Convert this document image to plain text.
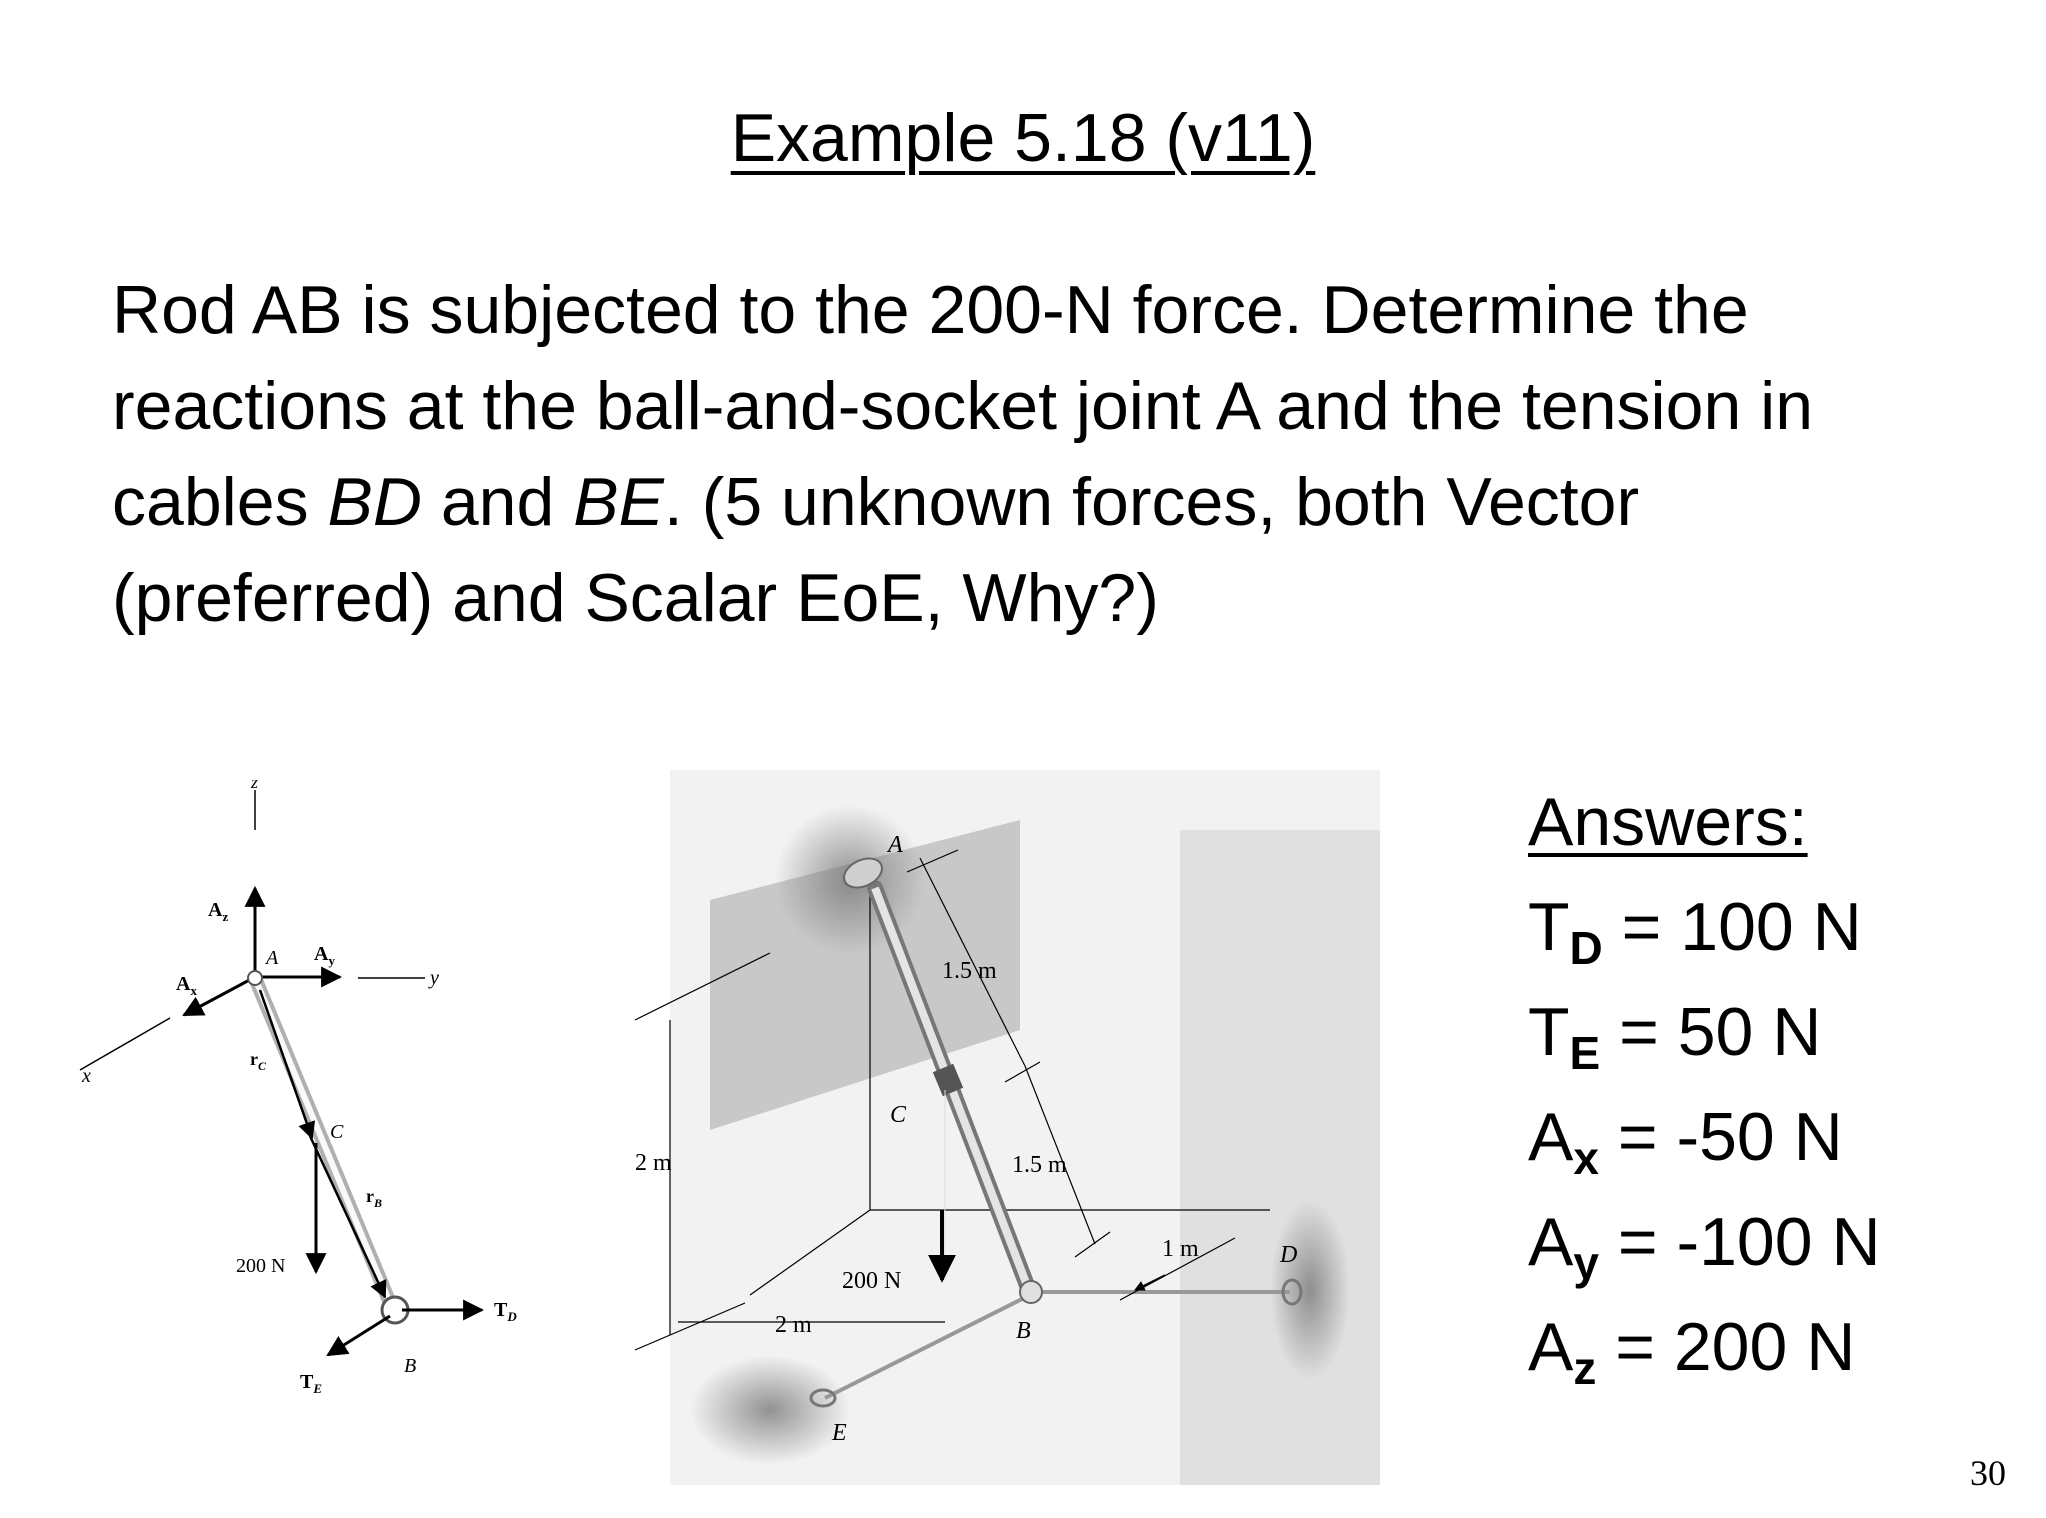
Example 5.18 (v11)
Rod AB is subjected to the 200-N force. Determine the
reactions at the ball-and-socket joint A and the tension in
cables BD and BE. (5 unknown forces, both Vector
(preferred) and Scalar EoE, Why?)
z
y
x
$A_z$
$A_y$
$A_x$
A
$r_C$
C
$r_B$
200 N
$T_D$
$T_E$
B
A
1.5 m
C
1.5 m
2 m
200 N
1 m	D
B
2 m
E
Answers:
$T_D = 100$ N
$T_E = 50$ N
$A_x = -50$ N
$A_y = -100$ N
$A_z = 200$ N
30
